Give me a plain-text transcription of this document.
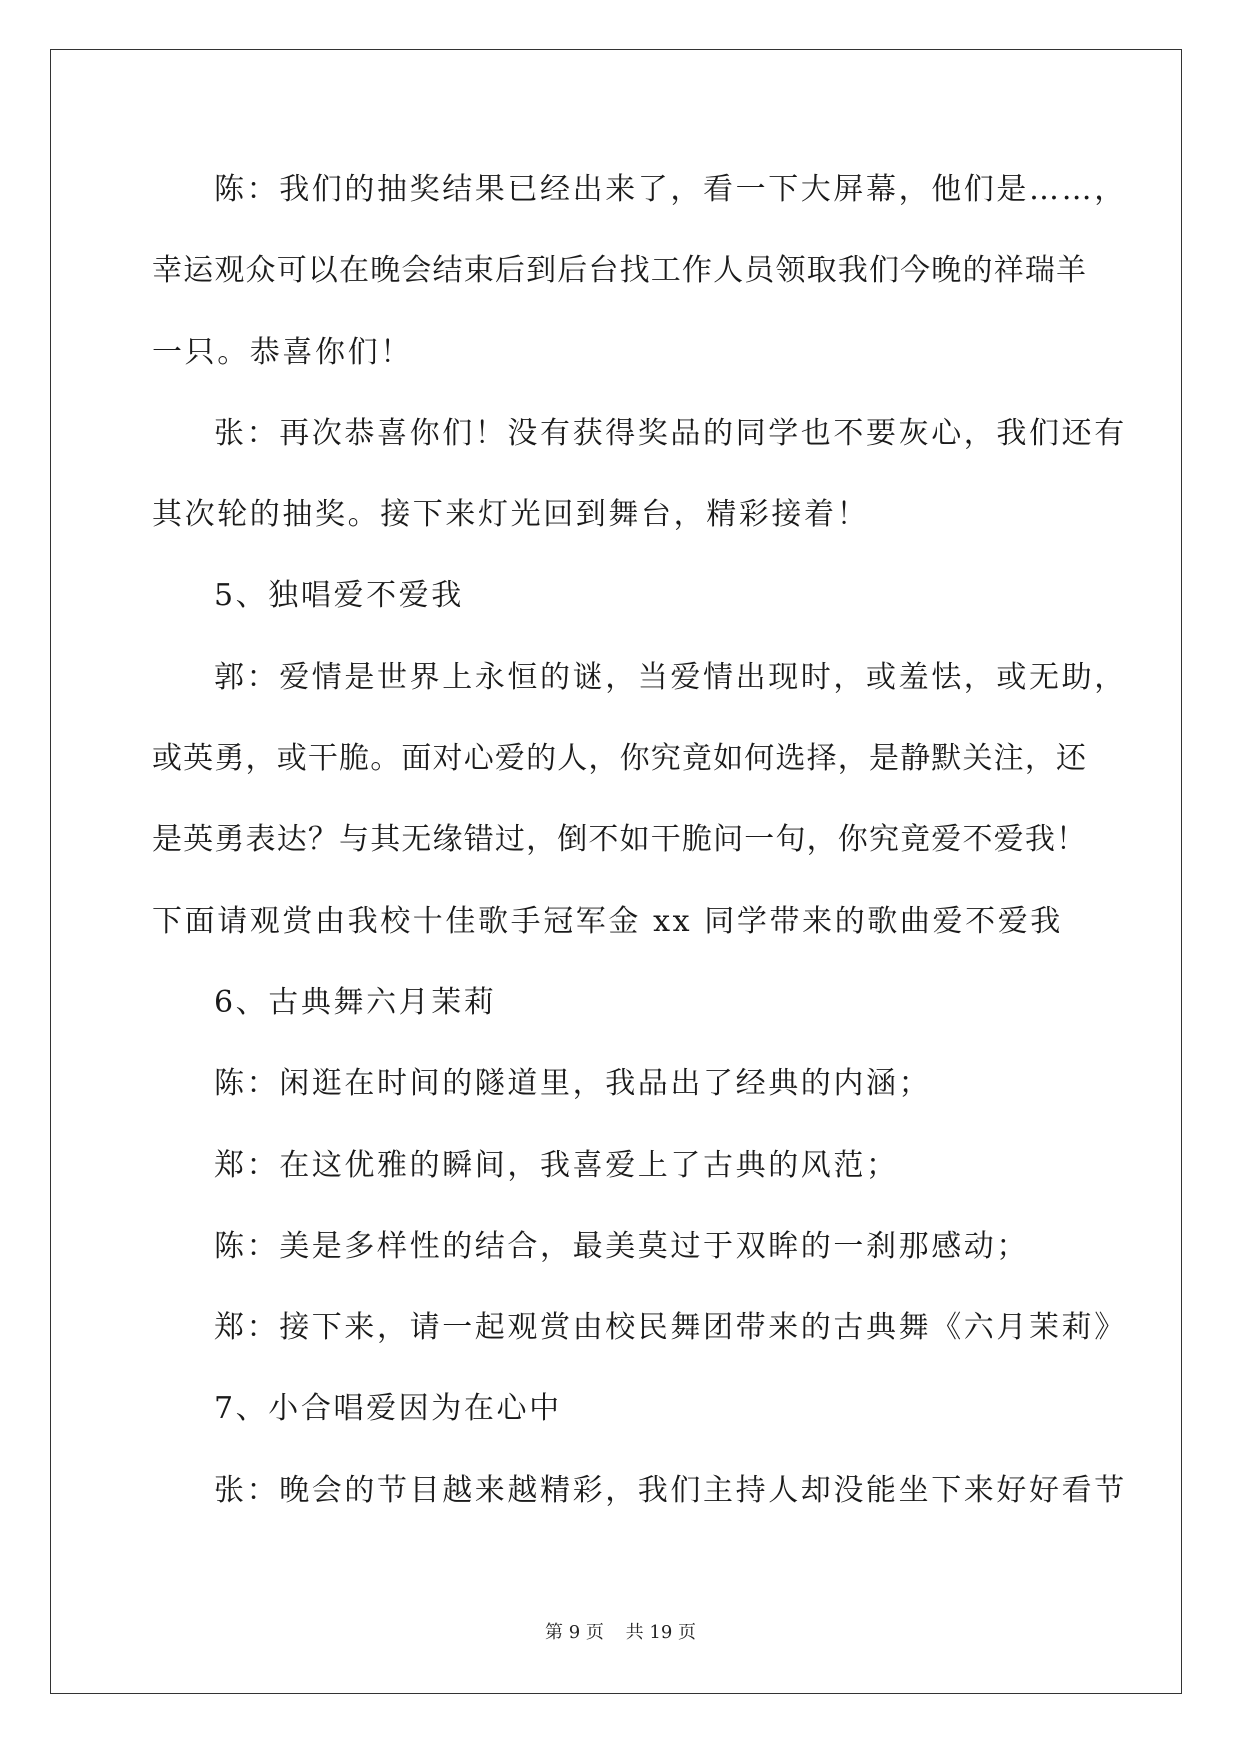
陈：我们的抽奖结果已经出来了，看一下大屏幕，他们是……，
幸运观众可以在晚会结束后到后台找工作人员领取我们今晚的祥瑞羊
一只。恭喜你们！
张：再次恭喜你们！没有获得奖品的同学也不要灰心，我们还有
其次轮的抽奖。接下来灯光回到舞台，精彩接着！
5、独唱爱不爱我
郭：爱情是世界上永恒的谜，当爱情出现时，或羞怯，或无助，
或英勇，或干脆。面对心爱的人，你究竟如何选择，是静默关注，还
是英勇表达？与其无缘错过，倒不如干脆问一句，你究竟爱不爱我！
下面请观赏由我校十佳歌手冠军金 xx 同学带来的歌曲爱不爱我
6、古典舞六月茉莉
陈：闲逛在时间的隧道里，我品出了经典的内涵；
郑：在这优雅的瞬间，我喜爱上了古典的风范；
陈：美是多样性的结合，最美莫过于双眸的一刹那感动；
郑：接下来，请一起观赏由校民舞团带来的古典舞《六月茉莉》
7、小合唱爱因为在心中
张：晚会的节目越来越精彩，我们主持人却没能坐下来好好看节
第 9 页 共 19 页
